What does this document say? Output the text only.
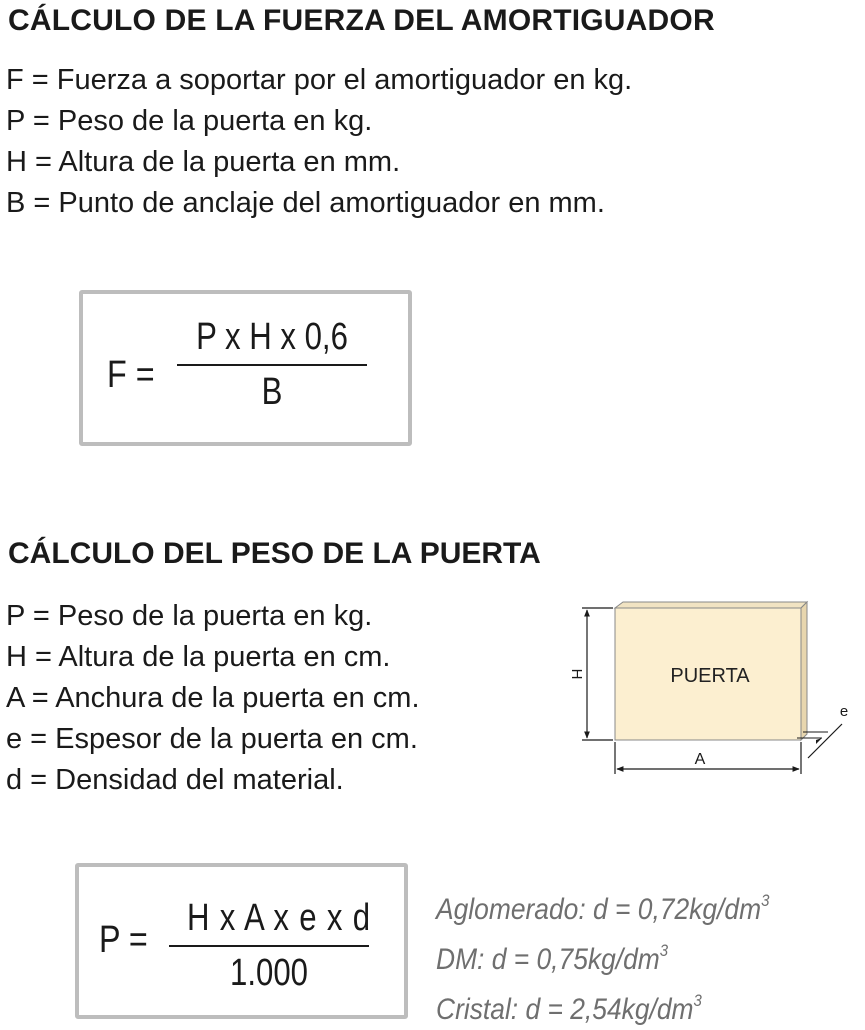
CÁLCULO DE LA FUERZA DEL AMORTIGUADOR
F = Fuerza a soportar por el amortiguador en kg.
P = Peso de la puerta en kg.
H = Altura de la puerta en mm.
B = Punto de anclaje del amortiguador en mm.
F =
P x H x 0,6
B
CÁLCULO DEL PESO DE LA PUERTA
P = Peso de la puerta en kg.
H = Altura de la puerta en cm.
A = Anchura de la puerta en cm.
e = Espesor de la puerta en cm.
d = Densidad del material.
PUERTA
H
A
e
P =
H x A x e x d
1.000
Aglomerado: $d = 0,72kg/dm^3$
DM: $d = 0,75kg/dm^3$
Cristal: $d = 2,54kg/dm^3$
